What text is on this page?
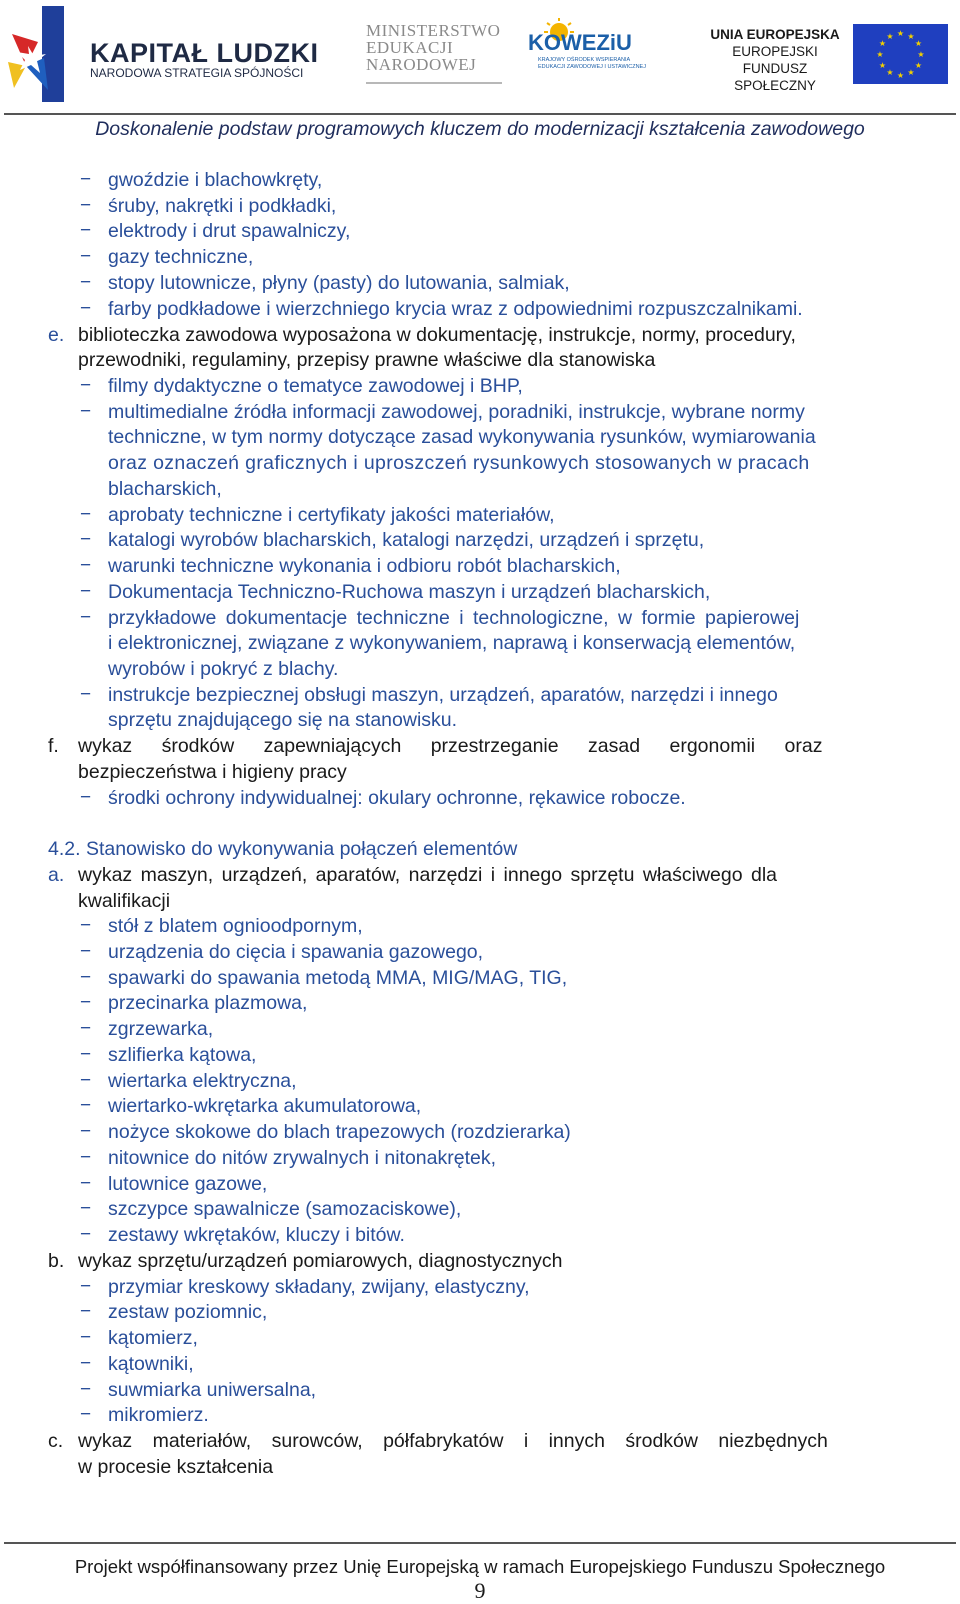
KAPITAŁ LUDZKI
NARODOWA STRATEGIA SPÓJNOŚCI
MINISTERSTWO
EDUKACJI
NARODOWEJ
KOWEZiU
KRAJOWY OŚRODEK WSPIERANIA
EDUKACJI ZAWODOWEJ I USTAWICZNEJ
UNIA EUROPEJSKA
EUROPEJSKI
FUNDUSZ SPOŁECZNY
★ ★
★
★
★
★
★
★
★
★
★
★
Doskonalenie podstaw programowych kluczem do modernizacji kształcenia zawodowego
− gwoździe i blachowkręty,
− śruby, nakrętki i podkładki,
− elektrody i drut spawalniczy,
− gazy techniczne,
− stopy lutownicze, płyny (pasty) do lutowania, salmiak,
− farby podkładowe i wierzchniego krycia wraz z odpowiednimi rozpuszczalnikami.
e. biblioteczka zawodowa wyposażona w dokumentację, instrukcje, normy, procedury,
przewodniki, regulaminy, przepisy prawne właściwe dla stanowiska
− filmy dydaktyczne o tematyce zawodowej i BHP,
− multimedialne źródła informacji zawodowej, poradniki, instrukcje, wybrane normy
techniczne, w tym normy dotyczące zasad wykonywania rysunków, wymiarowania
oraz oznaczeń graficznych i uproszczeń rysunkowych stosowanych w pracach
blacharskich,
− aprobaty techniczne i certyfikaty jakości materiałów,
− katalogi wyrobów blacharskich, katalogi narzędzi, urządzeń i sprzętu,
− warunki techniczne wykonania i odbioru robót blacharskich,
− Dokumentacja Techniczno-Ruchowa maszyn i urządzeń blacharskich,
− przykładowe dokumentacje techniczne i technologiczne, w formie papierowej
i elektronicznej, związane z wykonywaniem, naprawą i konserwacją elementów,
wyrobów i pokryć z blachy.
− instrukcje bezpiecznej obsługi maszyn, urządzeń, aparatów, narzędzi i innego
sprzętu znajdującego się na stanowisku.
f. wykaz środków zapewniających przestrzeganie zasad ergonomii oraz
bezpieczeństwa i higieny pracy
− środki ochrony indywidualnej: okulary ochronne, rękawice robocze.
4.2. Stanowisko do wykonywania połączeń elementów
a. wykaz maszyn, urządzeń, aparatów, narzędzi i innego sprzętu właściwego dla
kwalifikacji
− stół z blatem ognioodpornym,
− urządzenia do cięcia i spawania gazowego,
− spawarki do spawania metodą MMA, MIG/MAG, TIG,
− przecinarka plazmowa,
− zgrzewarka,
− szlifierka kątowa,
− wiertarka elektryczna,
− wiertarko-wkrętarka akumulatorowa,
− nożyce skokowe do blach trapezowych (rozdzierarka)
− nitownice do nitów zrywalnych i nitonakrętek,
− lutownice gazowe,
− szczypce spawalnicze (samozaciskowe),
− zestawy wkrętaków, kluczy i bitów.
b. wykaz sprzętu/urządzeń pomiarowych, diagnostycznych
− przymiar kreskowy składany, zwijany, elastyczny,
− zestaw poziomnic,
− kątomierz,
− kątowniki,
− suwmiarka uniwersalna,
− mikromierz.
c. wykaz materiałów, surowców, półfabrykatów i innych środków niezbędnych
w procesie kształcenia
Projekt współfinansowany przez Unię Europejską w ramach Europejskiego Funduszu Społecznego
9
